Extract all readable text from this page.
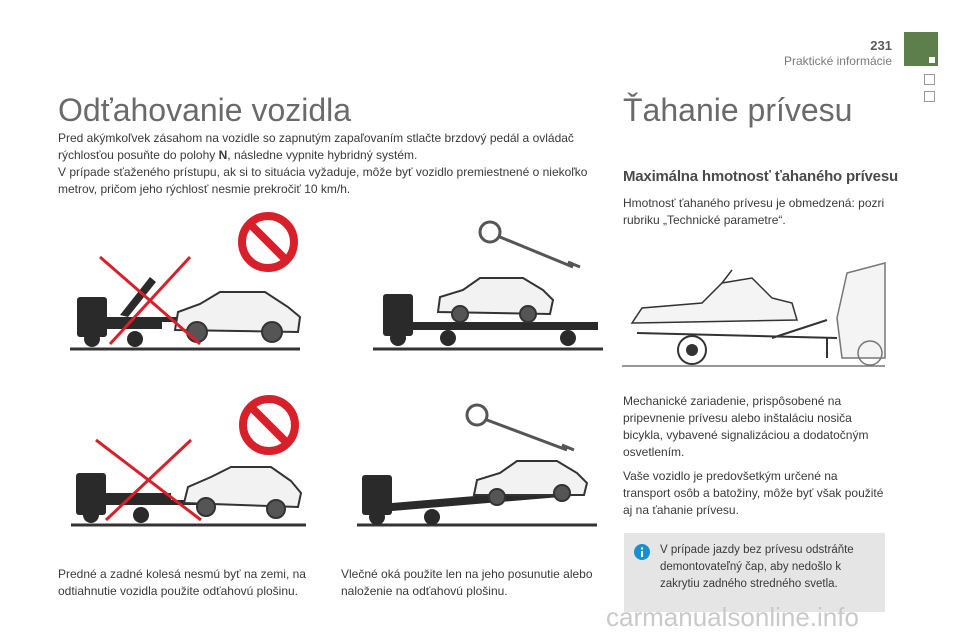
231
Praktické informácie
Odťahovanie vozidla

Pred akýmkoľvek zásahom na vozidle so zapnutým zapaľovaním stlačte brzdový pedál a ovládač rýchlosťou posuňte do polohy N, následne vypnite hybridný systém.

V prípade sťaženého prístupu, ak si to situácia vyžaduje, môže byť vozidlo premiestnené o niekoľko metrov, pričom jeho rýchlosť nesmie prekročiť 10 km/h.

Predné a zadné kolesá nesmú byť na zemi, na odtiahnutie vozidla použite odťahovú plošinu.
Vlečné oká použite len na jeho posunutie alebo naloženie na odťahovú plošinu.
Ťahanie prívesu
Maximálna hmotnosť ťahaného prívesu
Hmotnosť ťahaného prívesu je obmedzená: pozri rubriku „Technické parametre“.

Mechanické zariadenie, prispôsobené na pripevnenie prívesu alebo inštaláciu nosiča bicykla, vybavené signalizáciou a dodatočným osvetlením.

Vaše vozidlo je predovšetkým určené na transport osôb a batožiny, môže byť však použité aj na ťahanie prívesu.

V prípade jazdy bez prívesu odstráňte demontovateľný čap, aby nedošlo k zakrytiu zadného stredného svetla.
carmanualsonline.info
